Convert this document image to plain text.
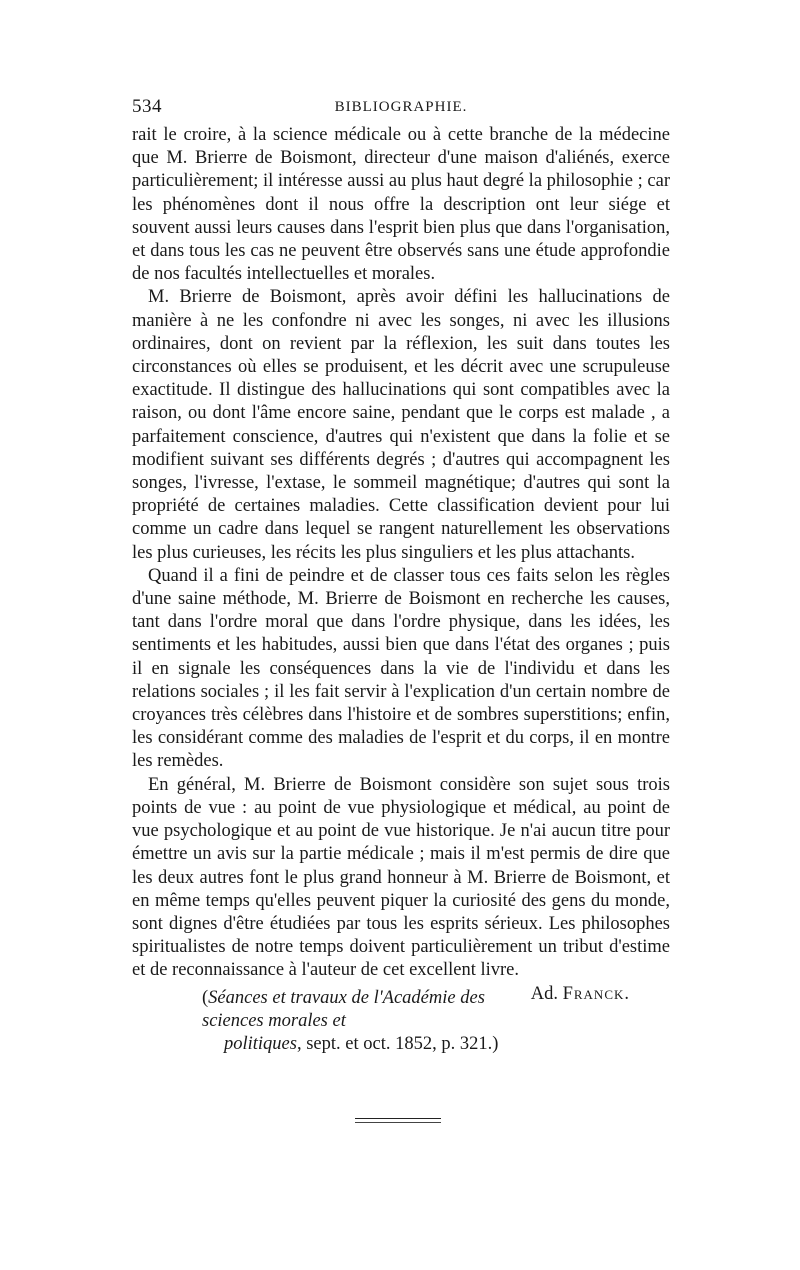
534	BIBLIOGRAPHIE.

rait le croire, à la science médicale ou à cette branche de la médecine que M. Brierre de Boismont, directeur d'une maison d'aliénés, exerce particulièrement; il intéresse aussi au plus haut degré la philosophie ; car les phénomènes dont il nous offre la description ont leur siége et souvent aussi leurs causes dans l'esprit bien plus que dans l'organisation, et dans tous les cas ne peuvent être observés sans une étude approfondie de nos facultés intellectuelles et morales.

M. Brierre de Boismont, après avoir défini les hallucinations de manière à ne les confondre ni avec les songes, ni avec les illusions ordinaires, dont on revient par la réflexion, les suit dans toutes les circonstances où elles se produisent, et les décrit avec une scrupuleuse exactitude. Il distingue des hallucinations qui sont compatibles avec la raison, ou dont l'âme encore saine, pendant que le corps est malade , a parfaitement conscience, d'autres qui n'existent que dans la folie et se modifient suivant ses différents degrés ; d'autres qui accompagnent les songes, l'ivresse, l'extase, le sommeil magnétique; d'autres qui sont la propriété de certaines maladies. Cette classification devient pour lui comme un cadre dans lequel se rangent naturellement les observations les plus curieuses, les récits les plus singuliers et les plus attachants.

Quand il a fini de peindre et de classer tous ces faits selon les règles d'une saine méthode, M. Brierre de Boismont en recherche les causes, tant dans l'ordre moral que dans l'ordre physique, dans les idées, les sentiments et les habitudes, aussi bien que dans l'état des organes ; puis il en signale les conséquences dans la vie de l'individu et dans les relations sociales ; il les fait servir à l'explication d'un certain nombre de croyances très célèbres dans l'histoire et de sombres superstitions; enfin, les considérant comme des maladies de l'esprit et du corps, il en montre les remèdes.

En général, M. Brierre de Boismont considère son sujet sous trois points de vue : au point de vue physiologique et médical, au point de vue psychologique et au point de vue historique. Je n'ai aucun titre pour émettre un avis sur la partie médicale ; mais il m'est permis de dire que les deux autres font le plus grand honneur à M. Brierre de Boismont, et en même temps qu'elles peuvent piquer la curiosité des gens du monde, sont dignes d'être étudiées par tous les esprits sérieux. Les philosophes spiritualistes de notre temps doivent particulièrement un tribut d'estime et de reconnaissance à l'auteur de cet excellent livre.
Ad. Franck.

(Séances et travaux de l'Académie des sciences morales et
politiques, sept. et oct. 1852, p. 321.)
